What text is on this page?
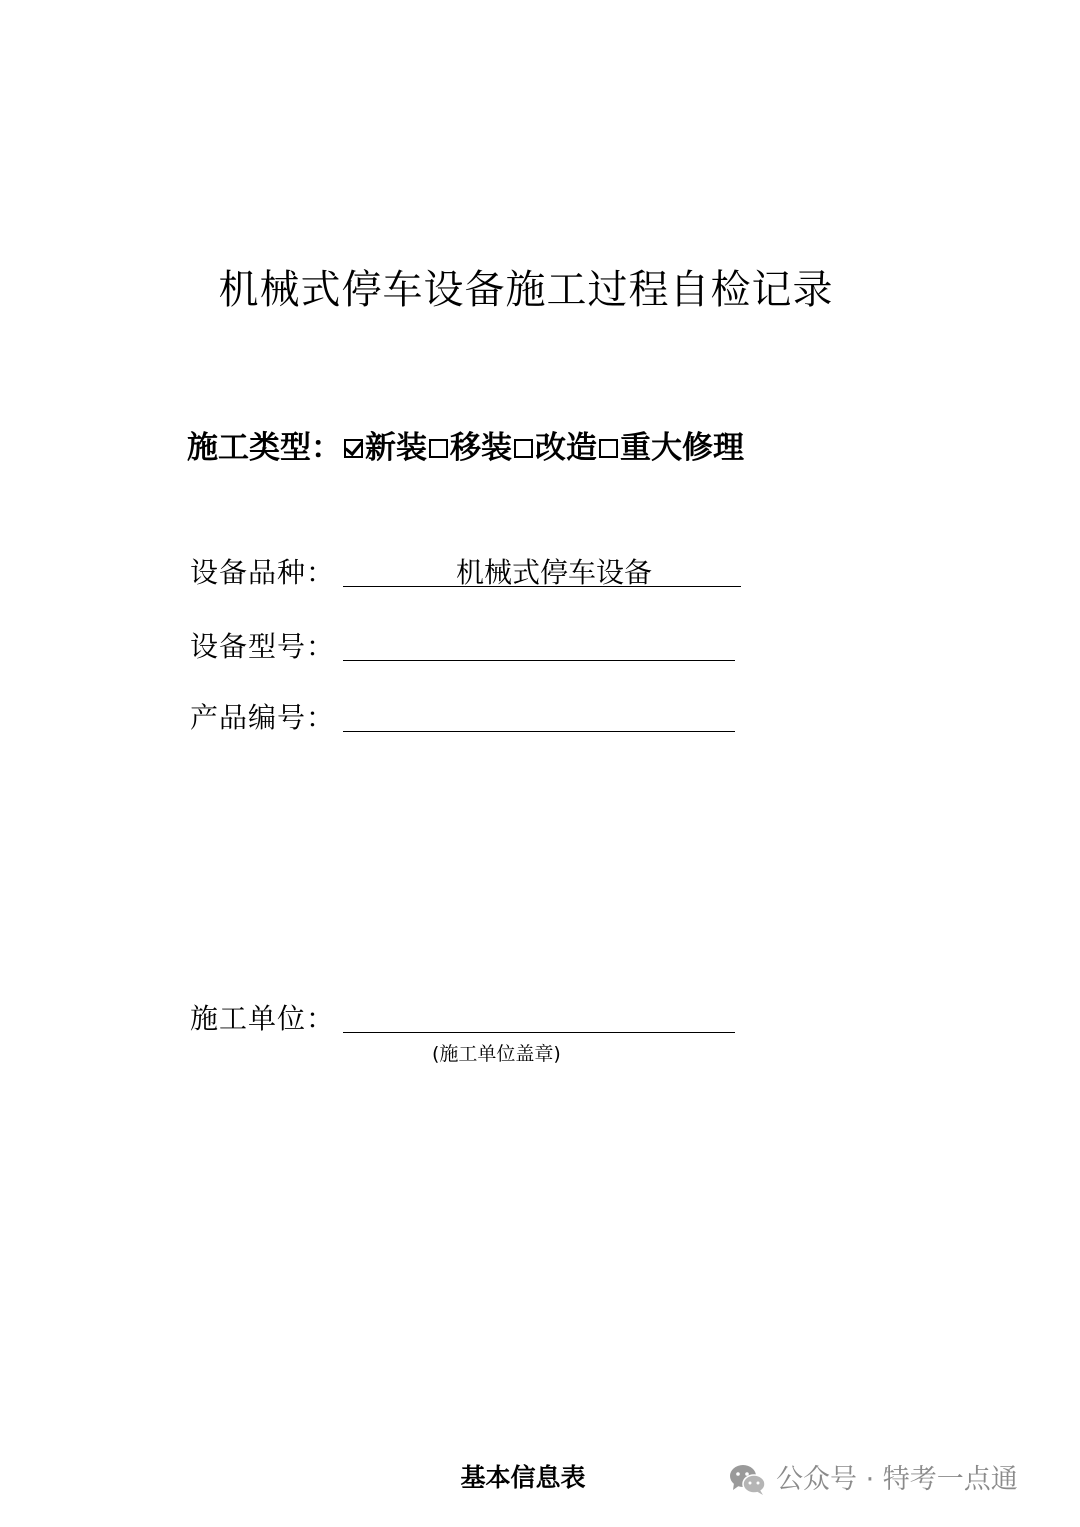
机械式停车设备施工过程自检记录
施工类型： 新装 移装 改造 重大修理
设备品种：	机械式停车设备
设备型号：
产品编号：
施工单位：
(施工单位盖章)
基本信息表	公众号 · 特考一点通
